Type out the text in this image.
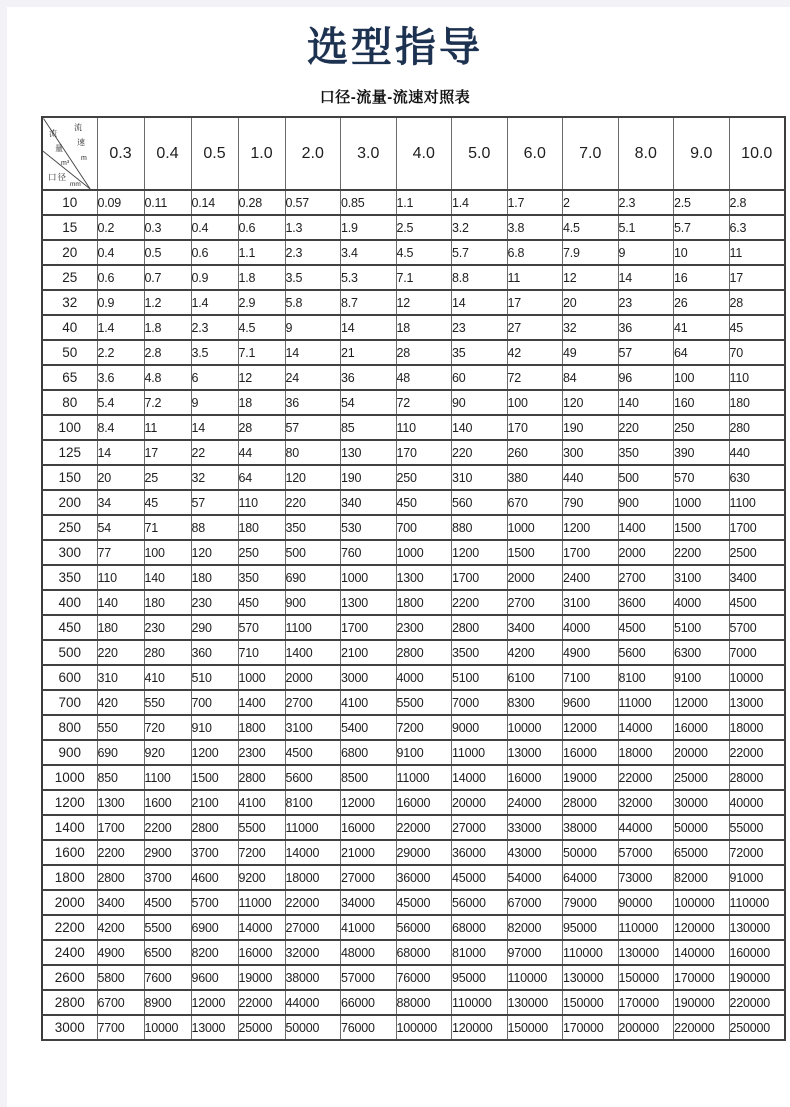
选型指导
口径-流量-流速对照表
流
速
m
流
量
m³
口径
mm
	0.3	0.4	0.5	1.0	2.0	3.0	4.0	5.0	6.0	7.0	8.0	9.0	10.0
10	0.09	0.11	0.14	0.28	0.57	0.85	1.1	1.4	1.7	2	2.3	2.5	2.8
15	0.2	0.3	0.4	0.6	1.3	1.9	2.5	3.2	3.8	4.5	5.1	5.7	6.3
20	0.4	0.5	0.6	1.1	2.3	3.4	4.5	5.7	6.8	7.9	9	10	11
25	0.6	0.7	0.9	1.8	3.5	5.3	7.1	8.8	11	12	14	16	17
32	0.9	1.2	1.4	2.9	5.8	8.7	12	14	17	20	23	26	28
40	1.4	1.8	2.3	4.5	9	14	18	23	27	32	36	41	45
50	2.2	2.8	3.5	7.1	14	21	28	35	42	49	57	64	70
65	3.6	4.8	6	12	24	36	48	60	72	84	96	100	110
80	5.4	7.2	9	18	36	54	72	90	100	120	140	160	180
100	8.4	11	14	28	57	85	110	140	170	190	220	250	280
125	14	17	22	44	80	130	170	220	260	300	350	390	440
150	20	25	32	64	120	190	250	310	380	440	500	570	630
200	34	45	57	110	220	340	450	560	670	790	900	1000	1100
250	54	71	88	180	350	530	700	880	1000	1200	1400	1500	1700
300	77	100	120	250	500	760	1000	1200	1500	1700	2000	2200	2500
350	110	140	180	350	690	1000	1300	1700	2000	2400	2700	3100	3400
400	140	180	230	450	900	1300	1800	2200	2700	3100	3600	4000	4500
450	180	230	290	570	1100	1700	2300	2800	3400	4000	4500	5100	5700
500	220	280	360	710	1400	2100	2800	3500	4200	4900	5600	6300	7000
600	310	410	510	1000	2000	3000	4000	5100	6100	7100	8100	9100	10000
700	420	550	700	1400	2700	4100	5500	7000	8300	9600	11000	12000	13000
800	550	720	910	1800	3100	5400	7200	9000	10000	12000	14000	16000	18000
900	690	920	1200	2300	4500	6800	9100	11000	13000	16000	18000	20000	22000
1000	850	1100	1500	2800	5600	8500	11000	14000	16000	19000	22000	25000	28000
1200	1300	1600	2100	4100	8100	12000	16000	20000	24000	28000	32000	30000	40000
1400	1700	2200	2800	5500	11000	16000	22000	27000	33000	38000	44000	50000	55000
1600	2200	2900	3700	7200	14000	21000	29000	36000	43000	50000	57000	65000	72000
1800	2800	3700	4600	9200	18000	27000	36000	45000	54000	64000	73000	82000	91000
2000	3400	4500	5700	11000	22000	34000	45000	56000	67000	79000	90000	100000	110000
2200	4200	5500	6900	14000	27000	41000	56000	68000	82000	95000	110000	120000	130000
2400	4900	6500	8200	16000	32000	48000	68000	81000	97000	110000	130000	140000	160000
2600	5800	7600	9600	19000	38000	57000	76000	95000	110000	130000	150000	170000	190000
2800	6700	8900	12000	22000	44000	66000	88000	110000	130000	150000	170000	190000	220000
3000	7700	10000	13000	25000	50000	76000	100000	120000	150000	170000	200000	220000	250000
